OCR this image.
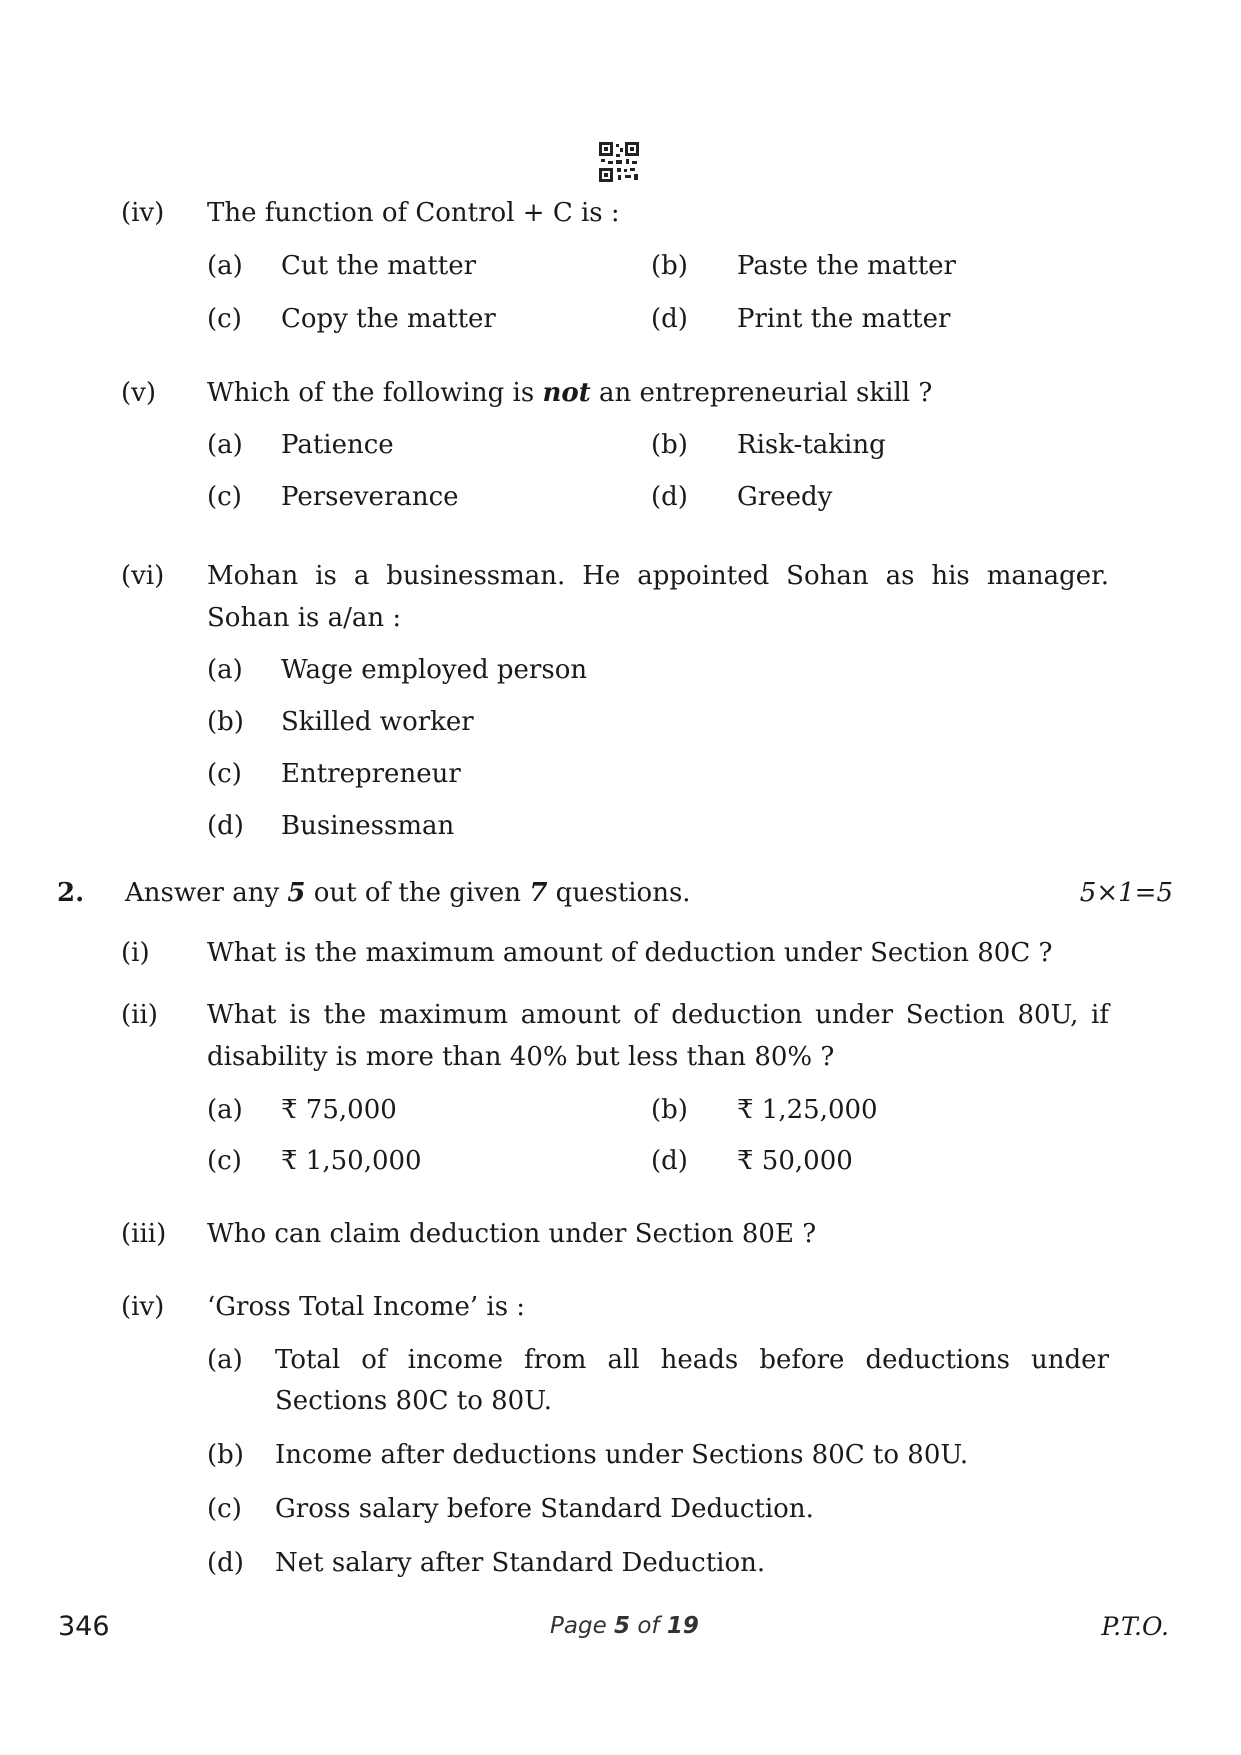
(iv) The function of Control + C is :
(a) Cut the matter	(b) Paste the matter
(c) Copy the matter	(d) Print the matter
(v) Which of the following is not an entrepreneurial skill ?
(a) Patience	(b) Risk-taking
(c) Perseverance	(d) Greedy
(vi) Mohan is a businessman. He appointed Sohan as his manager.
Sohan is a/an :
(a) Wage employed person
(b) Skilled worker
(c) Entrepreneur
(d) Businessman
2. Answer any 5 out of the given 7 questions.	5×1=5
(i) What is the maximum amount of deduction under Section 80C ?
(ii) What is the maximum amount of deduction under Section 80U, if
disability is more than 40% but less than 80% ?
(a) ₹ 75,000	(b) ₹ 1,25,000
(c) ₹ 1,50,000	(d) ₹ 50,000
(iii) Who can claim deduction under Section 80E ?
(iv) ‘Gross Total Income’ is :
(a) Total of income from all heads before deductions under
Sections 80C to 80U.
(b) Income after deductions under Sections 80C to 80U.
(c) Gross salary before Standard Deduction.
(d) Net salary after Standard Deduction.
346	Page 5 of 19	P.T.O.
